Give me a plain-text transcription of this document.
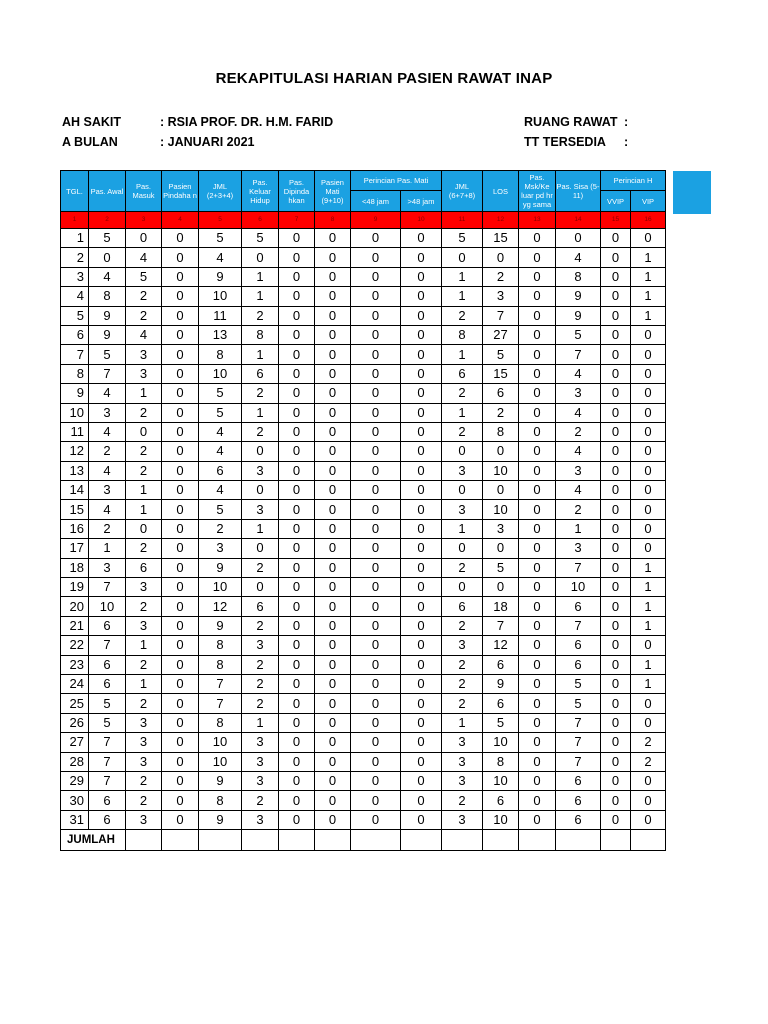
REKAPITULASI HARIAN PASIEN RAWAT INAP
AH SAKIT	: RSIA PROF. DR. H.M. FARID
A BULAN	: JANUARI 2021
RUANG RAWAT :
TT TERSEDIA :
TGL.	Pas. Awal	Pas. Masuk	Pasien Pindaha n	JML (2+3+4)	Pas. Keluar Hidup	Pas. Dipinda hkan	Pasien Mati (9+10)	Perincian Pas. Mati		JML (6+7+8)	LOS	Pas. Msk/Ke luar pd hr yg sama	Pas. Sisa (5-11)	Perincian H	
								<48 jam	>48 jam					VVIP	VIP
1	2	3	4	5	6	7	8	9	10	11	12	13	14	15	16
1	5	0	0	5	5	0	0	0	0	5	15	0	0	0	0
2	0	4	0	4	0	0	0	0	0	0	0	0	4	0	1
3	4	5	0	9	1	0	0	0	0	1	2	0	8	0	1
4	8	2	0	10	1	0	0	0	0	1	3	0	9	0	1
5	9	2	0	11	2	0	0	0	0	2	7	0	9	0	1
6	9	4	0	13	8	0	0	0	0	8	27	0	5	0	0
7	5	3	0	8	1	0	0	0	0	1	5	0	7	0	0
8	7	3	0	10	6	0	0	0	0	6	15	0	4	0	0
9	4	1	0	5	2	0	0	0	0	2	6	0	3	0	0
10	3	2	0	5	1	0	0	0	0	1	2	0	4	0	0
11	4	0	0	4	2	0	0	0	0	2	8	0	2	0	0
12	2	2	0	4	0	0	0	0	0	0	0	0	4	0	0
13	4	2	0	6	3	0	0	0	0	3	10	0	3	0	0
14	3	1	0	4	0	0	0	0	0	0	0	0	4	0	0
15	4	1	0	5	3	0	0	0	0	3	10	0	2	0	0
16	2	0	0	2	1	0	0	0	0	1	3	0	1	0	0
17	1	2	0	3	0	0	0	0	0	0	0	0	3	0	0
18	3	6	0	9	2	0	0	0	0	2	5	0	7	0	1
19	7	3	0	10	0	0	0	0	0	0	0	0	10	0	1
20	10	2	0	12	6	0	0	0	0	6	18	0	6	0	1
21	6	3	0	9	2	0	0	0	0	2	7	0	7	0	1
22	7	1	0	8	3	0	0	0	0	3	12	0	6	0	0
23	6	2	0	8	2	0	0	0	0	2	6	0	6	0	1
24	6	1	0	7	2	0	0	0	0	2	9	0	5	0	1
25	5	2	0	7	2	0	0	0	0	2	6	0	5	0	0
26	5	3	0	8	1	0	0	0	0	1	5	0	7	0	0
27	7	3	0	10	3	0	0	0	0	3	10	0	7	0	2
28	7	3	0	10	3	0	0	0	0	3	8	0	7	0	2
29	7	2	0	9	3	0	0	0	0	3	10	0	6	0	0
30	6	2	0	8	2	0	0	0	0	2	6	0	6	0	0
31	6	3	0	9	3	0	0	0	0	3	10	0	6	0	0
JUMLAH															
